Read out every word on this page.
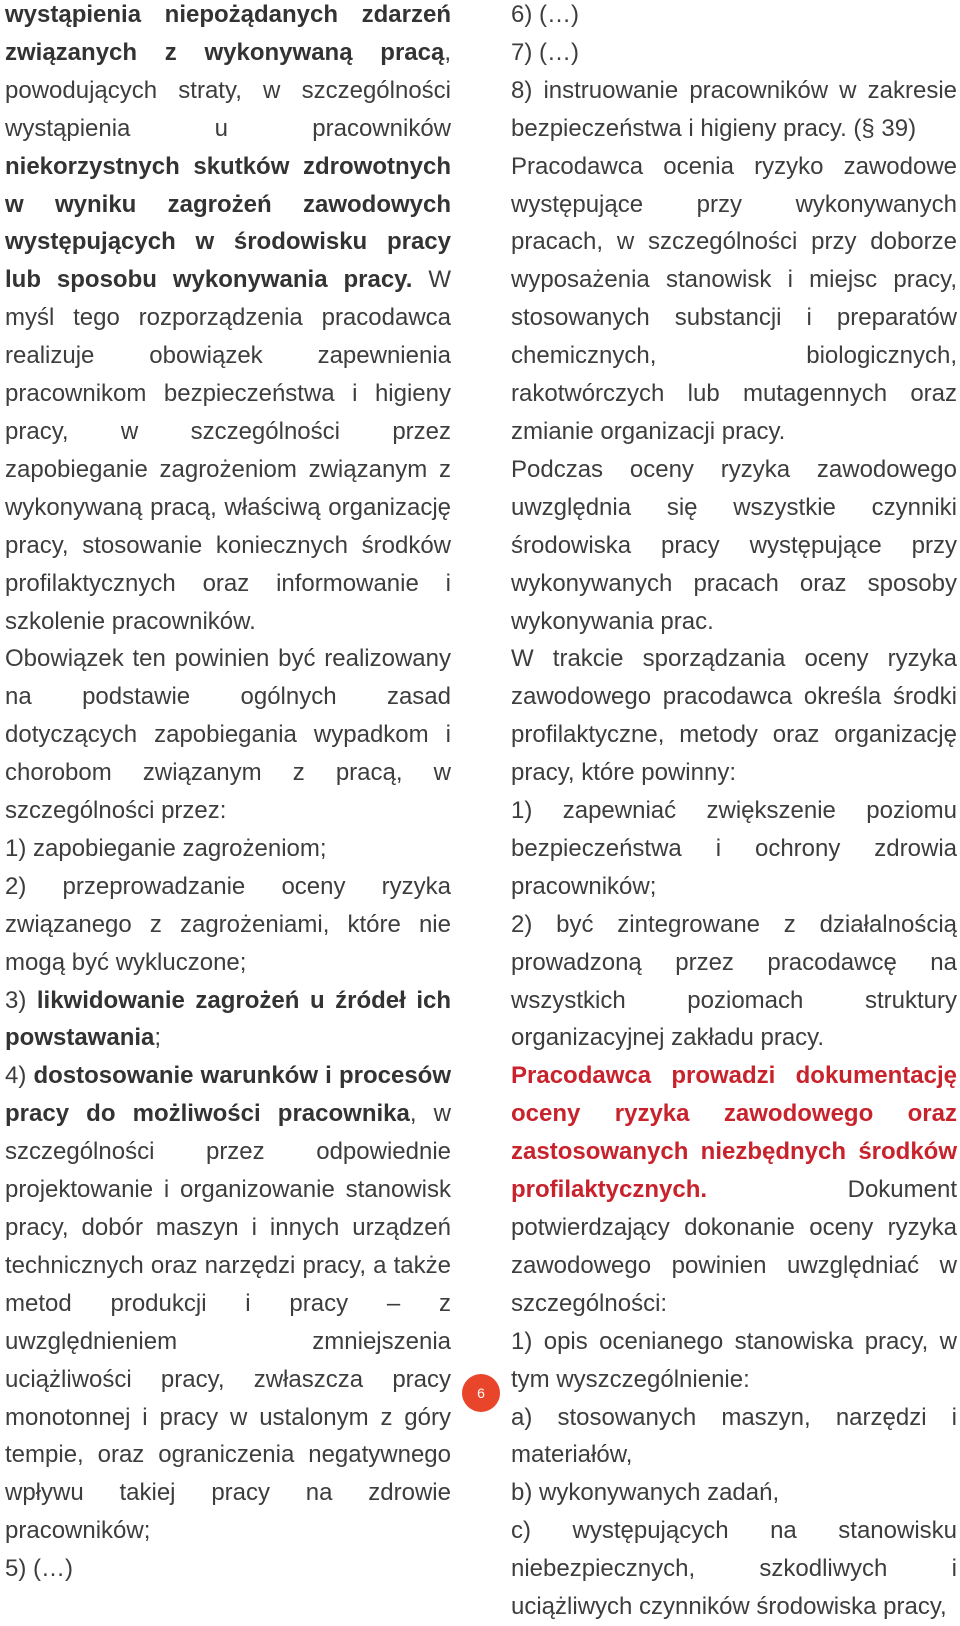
wystąpienia niepożądanych zdarzeń związanych z wykonywaną pracą, powodujących straty, w szczególności wystąpienia u pracowników niekorzystnych skutków zdrowotnych w wyniku zagrożeń zawodowych występujących w środowisku pracy lub sposobu wykonywania pracy. W myśl tego rozporządzenia pracodawca realizuje obowiązek zapewnienia pracownikom bezpieczeństwa i higieny pracy, w szczególności przez zapobieganie zagrożeniom związanym z wykonywaną pracą, właściwą organizację pracy, stosowanie koniecznych środków profilaktycznych oraz informowanie i szkolenie pracowników.

Obowiązek ten powinien być realizowany na podstawie ogólnych zasad dotyczących zapobiegania wypadkom i chorobom związanym z pracą, w szczególności przez:

1) zapobieganie zagrożeniom;

2) przeprowadzanie oceny ryzyka związanego z zagrożeniami, które nie mogą być wykluczone;

3) likwidowanie zagrożeń u źródeł ich powstawania;

4) dostosowanie warunków i procesów pracy do możliwości pracownika, w szczególności przez odpowiednie projektowanie i organizowanie stanowisk pracy, dobór maszyn i innych urządzeń technicznych oraz narzędzi pracy, a także metod produkcji i pracy – z uwzględnieniem zmniejszenia uciążliwości pracy, zwłaszcza pracy monotonnej i pracy w ustalonym z góry tempie, oraz ograniczenia negatywnego wpływu takiej pracy na zdrowie pracowników;

5) (…)

6) (…)

7) (…)

8) instruowanie pracowników w zakresie bezpieczeństwa i higieny pracy. (§ 39)

Pracodawca ocenia ryzyko zawodowe występujące przy wykonywanych pracach, w szczególności przy doborze wyposażenia stanowisk i miejsc pracy, stosowanych substancji i preparatów chemicznych, biologicznych, rakotwórczych lub mutagennych oraz zmianie organizacji pracy.

Podczas oceny ryzyka zawodowego uwzględnia się wszystkie czynniki środowiska pracy występujące przy wykonywanych pracach oraz sposoby wykonywania prac.

W trakcie sporządzania oceny ryzyka zawodowego pracodawca określa środki profilaktyczne, metody oraz organizację pracy, które powinny:

1) zapewniać zwiększenie poziomu bezpieczeństwa i ochrony zdrowia pracowników;

2) być zintegrowane z działalnością prowadzoną przez pracodawcę na wszystkich poziomach struktury organizacyjnej zakładu pracy.

Pracodawca prowadzi dokumentację oceny ryzyka zawodowego oraz zastosowanych niezbędnych środków profilaktycznych. Dokument potwierdzający dokonanie oceny ryzyka zawodowego powinien uwzględniać w szczególności:

1) opis ocenianego stanowiska pracy, w tym wyszczególnienie:

a) stosowanych maszyn, narzędzi i materiałów,

b) wykonywanych zadań,

c) występujących na stanowisku niebezpiecznych, szkodliwych i uciążliwych czynników środowiska pracy,

6
